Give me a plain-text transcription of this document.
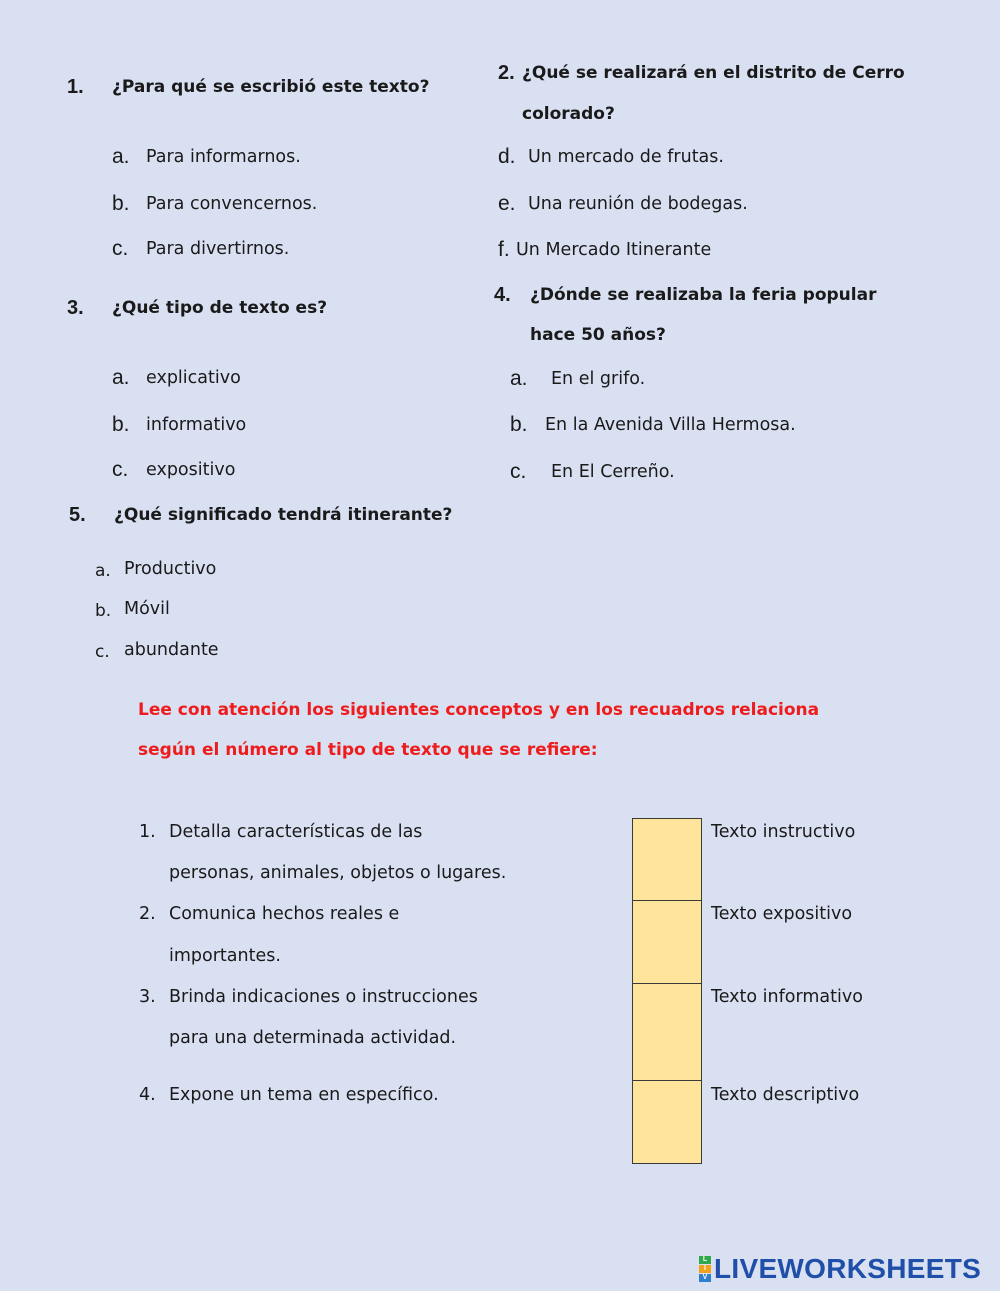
1. ¿Para qué se escribió este texto?
a. Para informarnos.
b. Para convencernos.
c. Para divertirnos.
2. ¿Qué se realizará en el distrito de Cerro
colorado?
d. Un mercado de frutas.
e. Una reunión de bodegas.
f. Un Mercado Itinerante
3. ¿Qué tipo de texto es?
a. explicativo
b. informativo
c. expositivo
4. ¿Dónde se realizaba la feria popular
hace 50 años?
a. En el grifo.
b. En la Avenida Villa Hermosa.
c. En El Cerreño.
5. ¿Qué significado tendrá itinerante?
a. Productivo
b. Móvil
c. abundante
Lee con atención los siguientes conceptos y en los recuadros relaciona
según el número al tipo de texto que se refiere:
1. Detalla características de las
personas, animales, objetos o lugares.
2. Comunica hechos reales e
importantes.
3. Brinda indicaciones o instrucciones
para una determinada actividad.
4. Expone un tema en específico.
Texto instructivo
Texto expositivo
Texto informativo
Texto descriptivo
L
I
V LIVEWORKSHEETS
